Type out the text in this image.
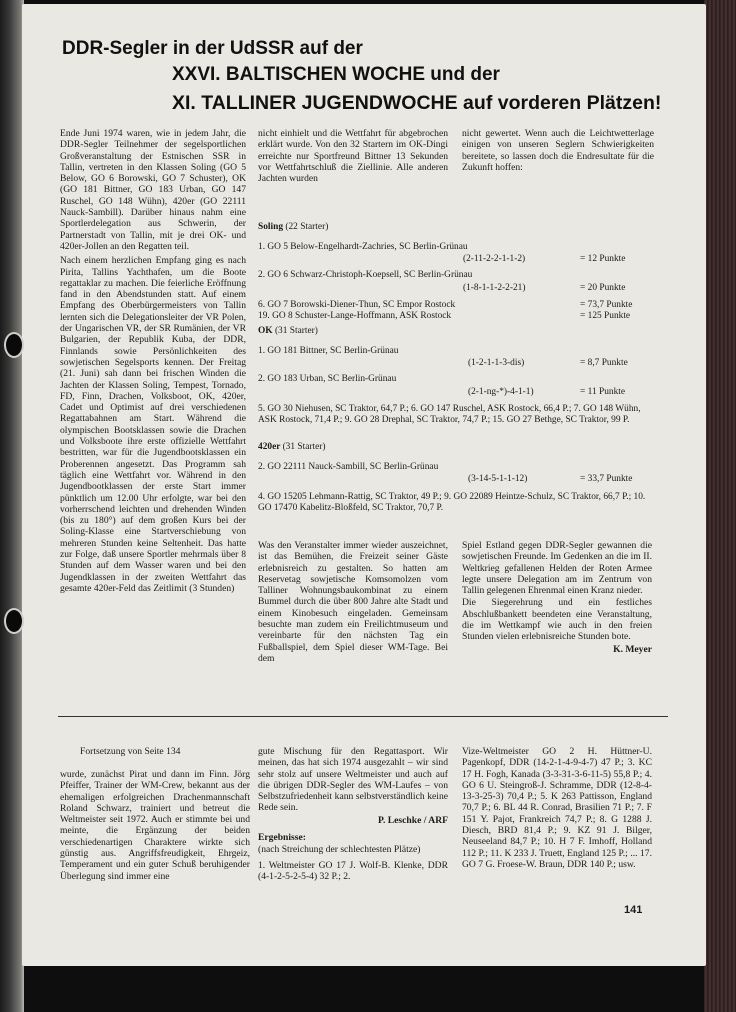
DDR-Segler in der UdSSR auf der
XXVI. BALTISCHEN WOCHE und der
XI. TALLINER JUGENDWOCHE auf vorderen Plätzen!

Ende Juni 1974 waren, wie in jedem Jahr, die DDR-Segler Teilnehmer der segelsportlichen Großveranstaltung der Estnischen SSR in Tallin, vertreten in den Klassen Soling (GO 5 Below, GO 6 Borowski, GO 7 Schuster), OK (GO 181 Bittner, GO 183 Urban, GO 147 Ruschel, GO 148 Wühn), 420er (GO 22111 Nauck-Sambill). Darüber hinaus nahm eine Sportlerdelegation aus Schwerin, der Partnerstadt von Tallin, mit je drei OK- und 420er-Jollen an den Regatten teil.

Nach einem herzlichen Empfang ging es nach Pirita, Tallins Yachthafen, um die Boote regattaklar zu machen. Die feierliche Eröffnung fand in den Abendstunden statt. Auf einem Empfang des Oberbürgermeisters von Tallin lernten sich die Delegationsleiter der VR Polen, der Ungarischen VR, der SR Rumänien, der VR Bulgarien, der Republik Kuba, der DDR, Finnlands sowie Persönlichkeiten des sowjetischen Segelsports kennen. Der Freitag (21. Juni) sah dann bei frischen Winden die Jachten der Klassen Soling, Tempest, Tornado, FD, Finn, Drachen, Volksboot, OK, 420er, Cadet und Optimist auf drei verschiedenen Regattabahnen am Start. Während die olympischen Bootsklassen sowie die Drachen und Volksboote ihre erste offizielle Wettfahrt bestritten, war für die Jugendbootsklassen ein Proberennen angesetzt. Das Programm sah täglich eine Wettfahrt vor. Während in den Jugendbootklassen der erste Start immer pünktlich um 12.00 Uhr erfolgte, war bei den vorherrschend leichten und drehenden Winden (bis zu 180°) auf dem großen Kurs bei der Soling-Klasse eine Startverschiebung von mehreren Stunden keine Seltenheit. Das hatte zur Folge, daß unsere Sportler mehrmals über 8 Stunden auf dem Wasser waren und bei den Jugendklassen in der zweiten Wettfahrt das gesamte 420er-Feld das Zeitlimit (3 Stunden)

nicht einhielt und die Wettfahrt für abgebrochen erklärt wurde. Von den 32 Startern im OK-Dingi erreichte nur Sportfreund Bittner 13 Sekunden vor Wettfahrtschluß die Ziellinie. Alle anderen Jachten wurden
nicht gewertet. Wenn auch die Leichtwetterlage einigen von unseren Seglern Schwierigkeiten bereitete, so lassen doch die Endresultate für die Zukunft hoffen:
Soling (22 Starter)
1. GO 5 Below-Engelhardt-Zachries, SC Berlin-Grünau
(2-11-2-2-1-1-2)	= 12 Punkte
2. GO 6 Schwarz-Christoph-Koepsell, SC Berlin-Grünau
(1-8-1-1-2-2-21)	= 20 Punkte
6. GO 7 Borowski-Diener-Thun, SC Empor Rostock	= 73,7 Punkte
19. GO 8 Schuster-Lange-Hoffmann, ASK Rostock	= 125 Punkte
OK (31 Starter)
1. GO 181 Bittner, SC Berlin-Grünau
(1-2-1-1-3-dis)	= 8,7 Punkte
2. GO 183 Urban, SC Berlin-Grünau
(2-1-ng-*)-4-1-1)	= 11 Punkte
5. GO 30 Niehusen, SC Traktor, 64,7 P.; 6. GO 147 Ruschel, ASK Rostock, 66,4 P.; 7. GO 148 Wühn, ASK Rostock, 71,4 P.; 9. GO 28 Drephal, SC Traktor, 74,7 P.; 15. GO 27 Bethge, SC Traktor, 99 P.
420er (31 Starter)
2. GO 22111 Nauck-Sambill, SC Berlin-Grünau
(3-14-5-1-1-12)	= 33,7 Punkte
4. GO 15205 Lehmann-Rattig, SC Traktor, 49 P.; 9. GO 22089 Heintze-Schulz, SC Traktor, 66,7 P.; 10. GO 17470 Kabelitz-Bloßfeld, SC Traktor, 70,7 P.
Was den Veranstalter immer wieder auszeichnet, ist das Bemühen, die Freizeit seiner Gäste erlebnisreich zu gestalten. So hatten am Reservetag sowjetische Komsomolzen vom Talliner Wohnungsbaukombinat zu einem Bummel durch die über 800 Jahre alte Stadt und einem Kinobesuch eingeladen. Gemeinsam besuchte man zudem ein Freilichtmuseum und vereinbarte für den nächsten Tag ein Fußballspiel, dem Spiel dieser WM-Tage. Bei dem

Spiel Estland gegen DDR-Segler gewannen die sowjetischen Freunde. Im Gedenken an die im II. Weltkrieg gefallenen Helden der Roten Armee legte unsere Delegation am im Zentrum von Tallin gelegenen Ehrenmal einen Kranz nieder.

Die Siegerehrung und ein festliches Abschlußbankett beendeten eine Veranstaltung, die im Wettkampf wie auch in den freien Stunden vielen erlebnisreiche Stunden bote.

K. Meyer

Fortsetzung von Seite 134
wurde, zunächst Pirat und dann im Finn. Jörg Pfeiffer, Trainer der WM-Crew, bekannt aus der ehemaligen erfolgreichen Drachenmannschaft Roland Schwarz, trainiert und betreut die Weltmeister seit 1972. Auch er stimmte bei und meinte, die Ergänzung der beiden verschiedenartigen Charaktere wirkte sich günstig aus. Angriffsfreudigkeit, Ehrgeiz, Temperament und ein guter Schuß beruhigender Überlegung sind immer eine

gute Mischung für den Regattasport. Wir meinen, das hat sich 1974 ausgezahlt – wir sind sehr stolz auf unsere Weltmeister und auch auf die übrigen DDR-Segler des WM-Laufes – von Selbstzufriedenheit kann selbstverständlich keine Rede sein.

P. Leschke / ARF

Ergebnisse:

(nach Streichung der schlechtesten Plätze)

1. Weltmeister GO 17 J. Wolf-B. Klenke, DDR (4-1-2-5-2-5-4) 32 P.; 2.

Vize-Weltmeister GO 2 H. Hüttner-U. Pagenkopf, DDR (14-2-1-4-9-4-7) 47 P.; 3. KC 17 H. Fogh, Kanada (3-3-31-3-6-11-5) 55,8 P.; 4. GO 6 U. Steingroß-J. Schramme, DDR (12-8-4-13-3-25-3) 70,4 P.; 5. K 263 Pattisson, England 70,7 P.; 6. BL 44 R. Conrad, Brasilien 71 P.; 7. F 151 Y. Pajot, Frankreich 74,7 P.; 8. G 1288 J. Diesch, BRD 81,4 P.; 9. KZ 91 J. Bilger, Neuseeland 84,7 P.; 10. H 7 F. Imhoff, Holland 112 P.; 11. K 233 J. Truett, England 125 P.; ... 17. GO 7 G. Froese-W. Braun, DDR 140 P.; usw.
141
